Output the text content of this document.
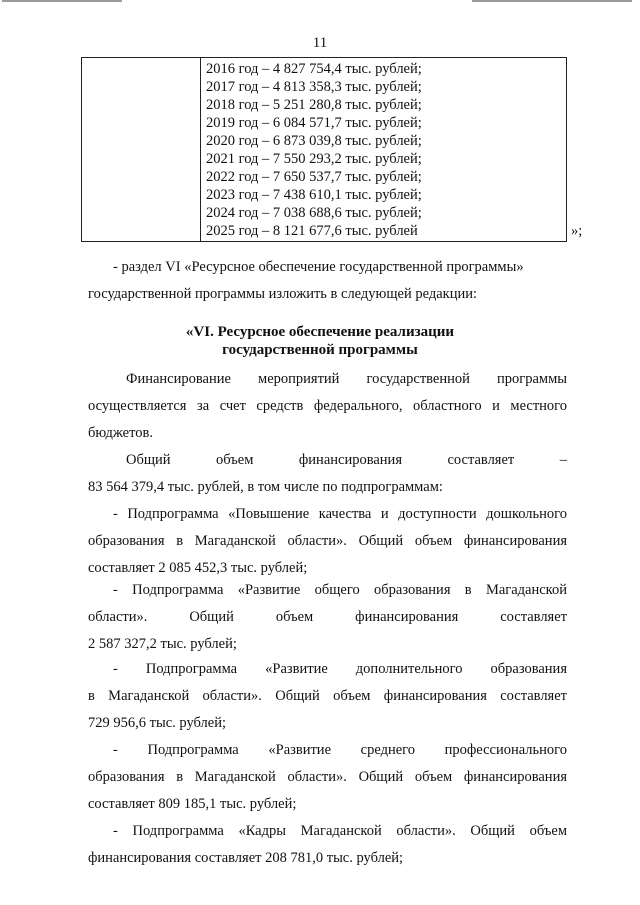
11
2016 год – 4 827 754,4 тыс. рублей;
2017 год – 4 813 358,3 тыс. рублей;
2018 год – 5 251 280,8 тыс. рублей;
2019 год – 6 084 571,7 тыс. рублей;
2020 год – 6 873 039,8 тыс. рублей;
2021 год – 7 550 293,2 тыс. рублей;
2022 год – 7 650 537,7 тыс. рублей;
2023 год – 7 438 610,1 тыс. рублей;
2024 год – 7 038 688,6 тыс. рублей;
2025 год – 8 121 677,6 тыс. рублей	»;
- раздел VI «Ресурсное обеспечение государственной программы»
государственной программы изложить в следующей редакции:
«VI. Ресурсное обеспечение реализации
государственной программы
Финансирование мероприятий государственной программы
осуществляется за счет средств федерального, областного и местного
бюджетов.
Общий объем финансирования составляет –
83 564 379,4 тыс. рублей, в том числе по подпрограммам:
- Подпрограмма «Повышение качества и доступности дошкольного
образования в Магаданской области». Общий объем финансирования
составляет 2 085 452,3 тыс. рублей;
- Подпрограмма «Развитие общего образования в Магаданской
области». Общий объем финансирования составляет
2 587 327,2 тыс. рублей;
- Подпрограмма «Развитие дополнительного образования
в Магаданской области». Общий объем финансирования составляет
729 956,6 тыс. рублей;
- Подпрограмма «Развитие среднего профессионального
образования в Магаданской области». Общий объем финансирования
составляет 809 185,1 тыс. рублей;
- Подпрограмма «Кадры Магаданской области». Общий объем
финансирования составляет 208 781,0 тыс. рублей;
